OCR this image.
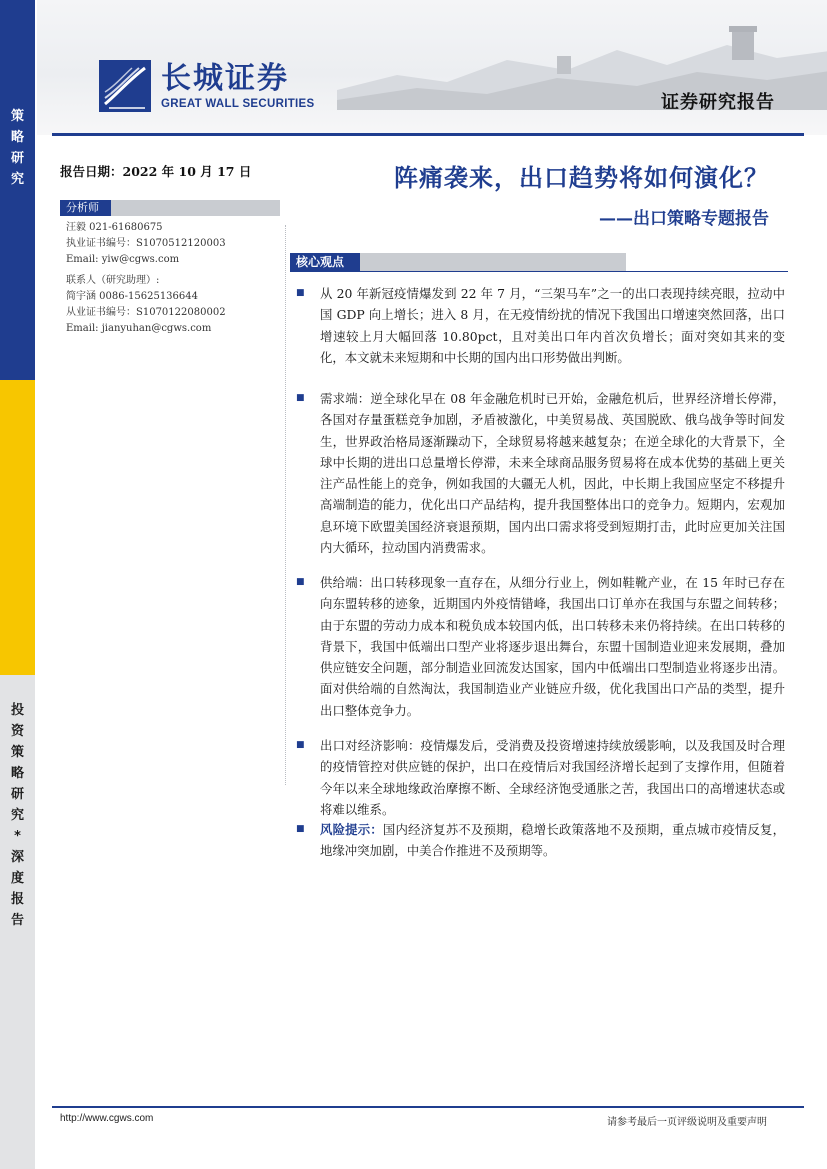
策
略
研
究
投
资
策
略
研
究
*
深
度
报
告
长城证券
GREAT WALL SECURITIES	证券研究报告
报告日期：2022 年 10 月 17 日
分析师
汪毅 021-61680675
执业证书编号：S1070512120003
Email: yiw@cgws.com
联系人（研究助理）:
简宇涵 0086-15625136644
从业证书编号：S1070122080002
Email: jianyuhan@cgws.com
阵痛袭来，出口趋势将如何演化？
——出口策略专题报告
核心观点
■	从 20 年新冠疫情爆发到 22 年 7 月，“三架马车”之一的出口表现持续亮眼，拉动中国 GDP 向上增长；进入 8 月，在无疫情纷扰的情况下我国出口增速突然回落，出口增速较上月大幅回落 10.80pct，且对美出口年内首次负增长；面对突如其来的变化，本文就未来短期和中长期的国内出口形势做出判断。
■	需求端：逆全球化早在 08 年金融危机时已开始，金融危机后，世界经济增长停滞，各国对存量蛋糕竞争加剧，矛盾被激化，中美贸易战、英国脱欧、俄乌战争等时间发生，世界政治格局逐渐躁动下，全球贸易将越来越复杂；在逆全球化的大背景下，全球中长期的进出口总量增长停滞，未来全球商品服务贸易将在成本优势的基础上更关注产品性能上的竞争，例如我国的大疆无人机，因此，中长期上我国应坚定不移提升高端制造的能力，优化出口产品结构，提升我国整体出口的竞争力。短期内，宏观加息环境下欧盟美国经济衰退预期，国内出口需求将受到短期打击，此时应更加关注国内大循环，拉动国内消费需求。
■	供给端：出口转移现象一直存在，从细分行业上，例如鞋靴产业，在 15 年时已存在向东盟转移的迹象，近期国内外疫情错峰，我国出口订单亦在我国与东盟之间转移；由于东盟的劳动力成本和税负成本较国内低，出口转移未来仍将持续。在出口转移的背景下，我国中低端出口型产业将逐步退出舞台，东盟十国制造业迎来发展期，叠加供应链安全问题，部分制造业回流发达国家，国内中低端出口型制造业将逐步出清。面对供给端的自然淘汰，我国制造业产业链应升级，优化我国出口产品的类型，提升出口整体竞争力。
■	出口对经济影响：疫情爆发后，受消费及投资增速持续放缓影响，以及我国及时合理的疫情管控对供应链的保护，出口在疫情后对我国经济增长起到了支撑作用，但随着今年以来全球地缘政治摩擦不断、全球经济饱受通胀之苦，我国出口的高增速状态或将难以维系。
■	风险提示：国内经济复苏不及预期，稳增长政策落地不及预期，重点城市疫情反复，地缘冲突加剧，中美合作推进不及预期等。
http://www.cgws.com	请参考最后一页评级说明及重要声明
